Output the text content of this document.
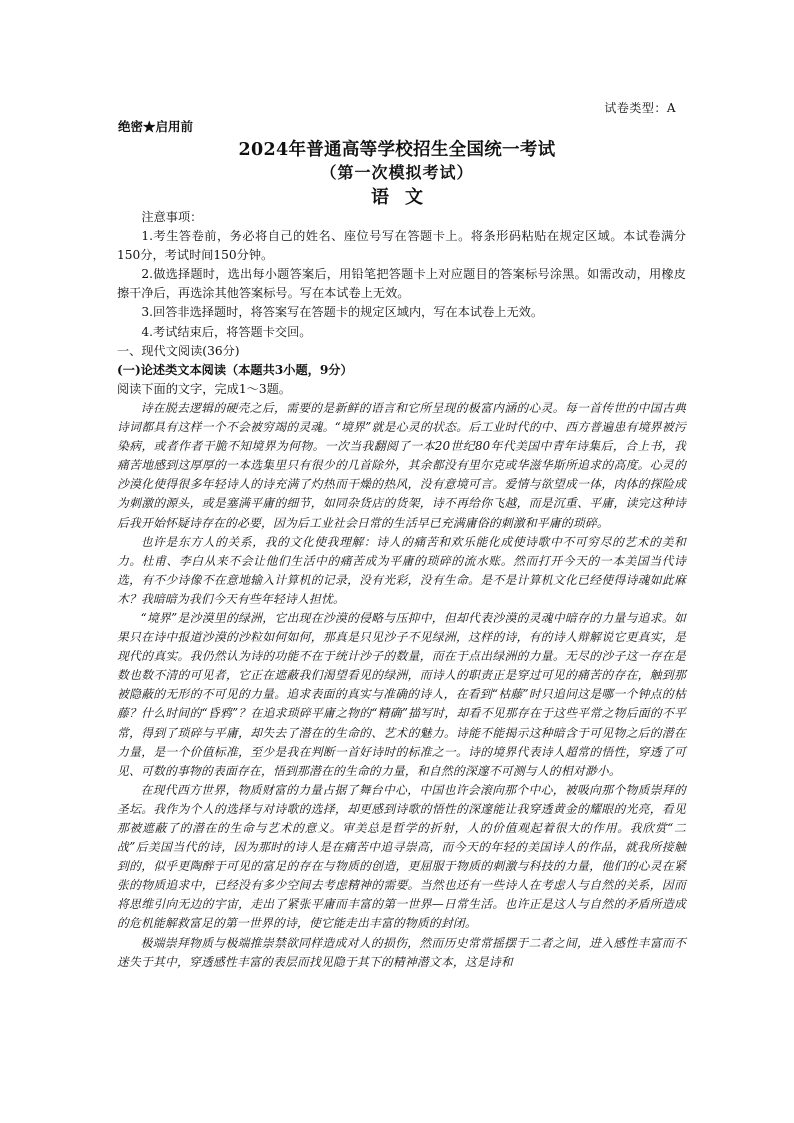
试卷类型：A
绝密★启用前
2024年普通高等学校招生全国统一考试
（第一次模拟考试）
语文
注意事项：

1.考生答卷前，务必将自己的姓名、座位号写在答题卡上。将条形码粘贴在规定区域。本试卷满分150分，考试时间150分钟。

2.做选择题时，选出每小题答案后，用铅笔把答题卡上对应题目的答案标号涂黑。如需改动，用橡皮擦干净后，再选涂其他答案标号。写在本试卷上无效。

3.回答非选择题时，将答案写在答题卡的规定区域内，写在本试卷上无效。

4.考试结束后，将答题卡交回。

一、现代文阅读(36分)

(一)论述类文本阅读（本题共3小题，9分）

阅读下面的文字，完成1～3题。

诗在脱去逻辑的硬壳之后，需要的是新鲜的语言和它所呈现的极富内涵的心灵。每一首传世的中国古典诗词都具有这样一个不会被穷竭的灵魂。“境界”就是心灵的状态。后工业时代的中、西方普遍患有境界被污染病，或者作者干脆不知境界为何物。一次当我翻阅了一本20世纪80年代美国中青年诗集后，合上书，我痛苦地感到这厚厚的一本选集里只有很少的几首除外，其余都没有里尔克或华滋华斯所追求的高度。心灵的沙漠化使得很多年轻诗人的诗充满了灼热而干燥的热风，没有意境可言。爱情与欲望成一体，肉体的探险成为刺激的源头，或是塞满平庸的细节，如同杂货店的货架，诗不再给你飞越，而是沉重、平庸，读完这种诗后我开始怀疑诗存在的必要，因为后工业社会日常的生活早已充满庸俗的刺激和平庸的琐碎。

也许是东方人的关系，我的文化使我理解：诗人的痛苦和欢乐能化成使诗歌中不可穷尽的艺术的美和力。杜甫、李白从来不会让他们生活中的痛苦成为平庸的琐碎的流水账。然而打开今天的一本美国当代诗选，有不少诗像不在意地输入计算机的记录，没有光彩，没有生命。是不是计算机文化已经使得诗魂如此麻木？我暗暗为我们今天有些年轻诗人担忧。

“境界”是沙漠里的绿洲，它出现在沙漠的侵略与压抑中，但却代表沙漠的灵魂中暗存的力量与追求。如果只在诗中报道沙漠的沙粒如何如何，那真是只见沙子不见绿洲，这样的诗，有的诗人辩解说它更真实，是现代的真实。我仍然认为诗的功能不在于统计沙子的数量，而在于点出绿洲的力量。无尽的沙子这一存在是数也数不清的可见者，它正在遮蔽我们渴望看见的绿洲，而诗人的职责正是穿过可见的痛苦的存在，触到那被隐蔽的无形的不可见的力量。追求表面的真实与准确的诗人，在看到“枯藤”时只追问这是哪一个钟点的枯藤？什么时间的“昏鸦”？在追求琐碎平庸之物的“精确”描写时，却看不见那存在于这些平常之物后面的不平常，得到了琐碎与平庸，却失去了潜在的生命的、艺术的魅力。诗能不能揭示这种暗含于可见物之后的潜在力量，是一个价值标准，至少是我在判断一首好诗时的标准之一。诗的境界代表诗人超常的悟性，穿透了可见、可数的事物的表面存在，悟到那潜在的生命的力量，和自然的深邃不可测与人的相对渺小。

在现代西方世界，物质财富的力量占据了舞台中心，中国也许会滚向那个中心，被吸向那个物质崇拜的圣坛。我作为个人的选择与对诗歌的选择，却更感到诗歌的悟性的深邃能让我穿透黄金的耀眼的光亮，看见那被遮蔽了的潜在的生命与艺术的意义。审美总是哲学的折射，人的价值观起着很大的作用。我欣赏“二战”后美国当代的诗，因为那时的诗人是在痛苦中追寻崇高，而今天的年轻的美国诗人的作品，就我所接触到的，似乎更陶醉于可见的富足的存在与物质的创造，更屈服于物质的刺激与科技的力量，他们的心灵在紧张的物质追求中，已经没有多少空间去考虑精神的需要。当然也还有一些诗人在考虑人与自然的关系，因而将思维引向无边的宇宙，走出了紧张平庸而丰富的第一世界—日常生活。也许正是这人与自然的矛盾所造成的危机能解救富足的第一世界的诗，使它能走出丰富的物质的封闭。

极端崇拜物质与极端推崇禁欲同样造成对人的损伤，然而历史常常摇摆于二者之间，进入感性丰富而不迷失于其中，穿透感性丰富的表层而找见隐于其下的精神潜文本，这是诗和
